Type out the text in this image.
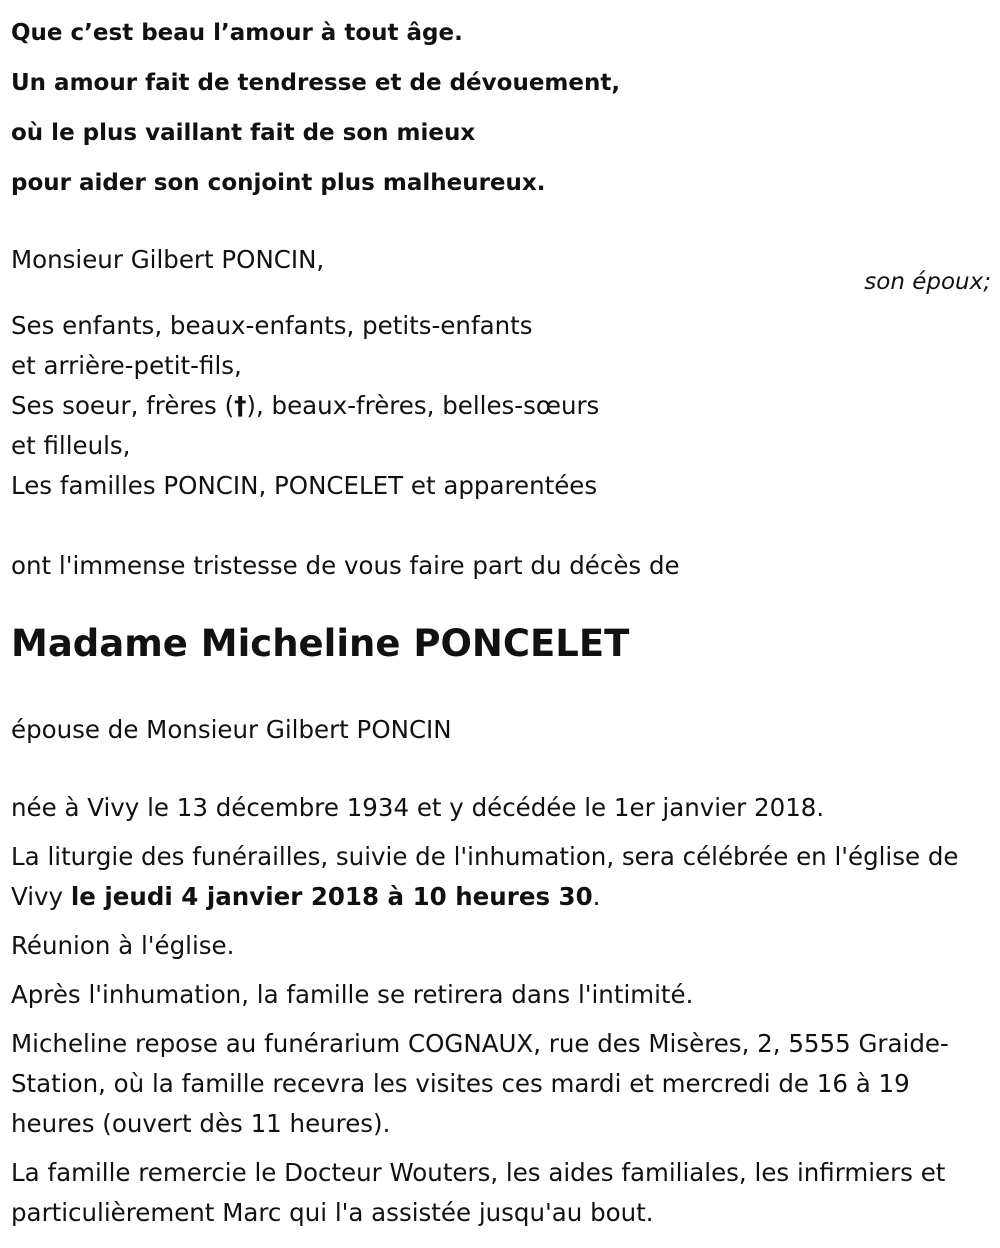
Que c’est beau l’amour à tout âge.

Un amour fait de tendresse et de dévouement,

où le plus vaillant fait de son mieux

pour aider son conjoint plus malheureux.

Monsieur Gilbert PONCIN,
son époux;
Ses enfants, beaux-enfants, petits-enfants
et arrière-petit-fils,
Ses soeur, frères (†), beaux-frères, belles-sœurs
et filleuls,
Les familles PONCIN, PONCELET et apparentées
ont l'immense tristesse de vous faire part du décès de
Madame Micheline PONCELET
épouse de Monsieur Gilbert PONCIN
née à Vivy le 13 décembre 1934 et y décédée le 1er janvier 2018.
La liturgie des funérailles, suivie de l'inhumation, sera célébrée en l'église de Vivy le jeudi 4 janvier 2018 à 10 heures 30.
Réunion à l'église.
Après l'inhumation, la famille se retirera dans l'intimité.
Micheline repose au funérarium COGNAUX, rue des Misères, 2, 5555 Graide-Station, où la famille recevra les visites ces mardi et mercredi de 16 à 19 heures (ouvert dès 11 heures).
La famille remercie le Docteur Wouters, les aides familiales, les infirmiers et particulièrement Marc qui l'a assistée jusqu'au bout.
